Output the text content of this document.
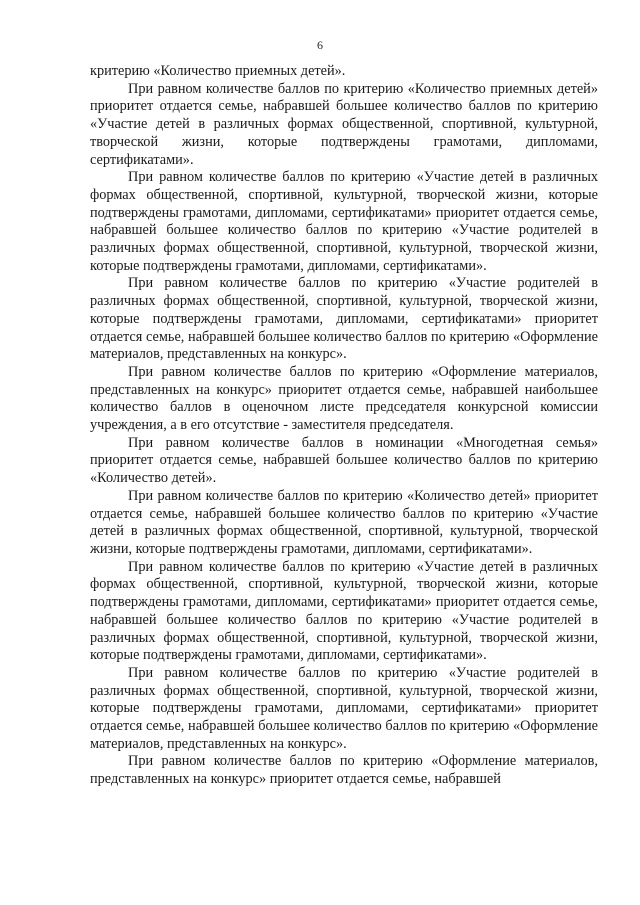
6

критерию «Количество приемных детей».

При равном количестве баллов по критерию «Количество приемных детей» приоритет отдается семье, набравшей большее количество баллов по критерию «Участие детей в различных формах общественной, спортивной, культурной, творческой жизни, которые подтверждены грамотами, дипломами, сертификатами».

При равном количестве баллов по критерию «Участие детей в различных формах общественной, спортивной, культурной, творческой жизни, которые подтверждены грамотами, дипломами, сертификатами» приоритет отдается семье, набравшей большее количество баллов по критерию «Участие родителей в различных формах общественной, спортивной, культурной, творческой жизни, которые подтверждены грамотами, дипломами, сертификатами».

При равном количестве баллов по критерию «Участие родителей в различных формах общественной, спортивной, культурной, творческой жизни, которые подтверждены грамотами, дипломами, сертификатами» приоритет отдается семье, набравшей большее количество баллов по критерию «Оформление материалов, представленных на конкурс».

При равном количестве баллов по критерию «Оформление материалов, представленных на конкурс» приоритет отдается семье, набравшей наибольшее количество баллов в оценочном листе председателя конкурсной комиссии учреждения, а в его отсутствие - заместителя председателя.

При равном количестве баллов в номинации «Многодетная семья» приоритет отдается семье, набравшей большее количество баллов по критерию «Количество детей».

При равном количестве баллов по критерию «Количество детей» приоритет отдается семье, набравшей большее количество баллов по критерию «Участие детей в различных формах общественной, спортивной, культурной, творческой жизни, которые подтверждены грамотами, дипломами, сертификатами».

При равном количестве баллов по критерию «Участие детей в различных формах общественной, спортивной, культурной, творческой жизни, которые подтверждены грамотами, дипломами, сертификатами» приоритет отдается семье, набравшей большее количество баллов по критерию «Участие родителей в различных формах общественной, спортивной, культурной, творческой жизни, которые подтверждены грамотами, дипломами, сертификатами».

При равном количестве баллов по критерию «Участие родителей в различных формах общественной, спортивной, культурной, творческой жизни, которые подтверждены грамотами, дипломами, сертификатами» приоритет отдается семье, набравшей большее количество баллов по критерию «Оформление материалов, представленных на конкурс».

При равном количестве баллов по критерию «Оформление материалов, представленных на конкурс» приоритет отдается семье, набравшей
